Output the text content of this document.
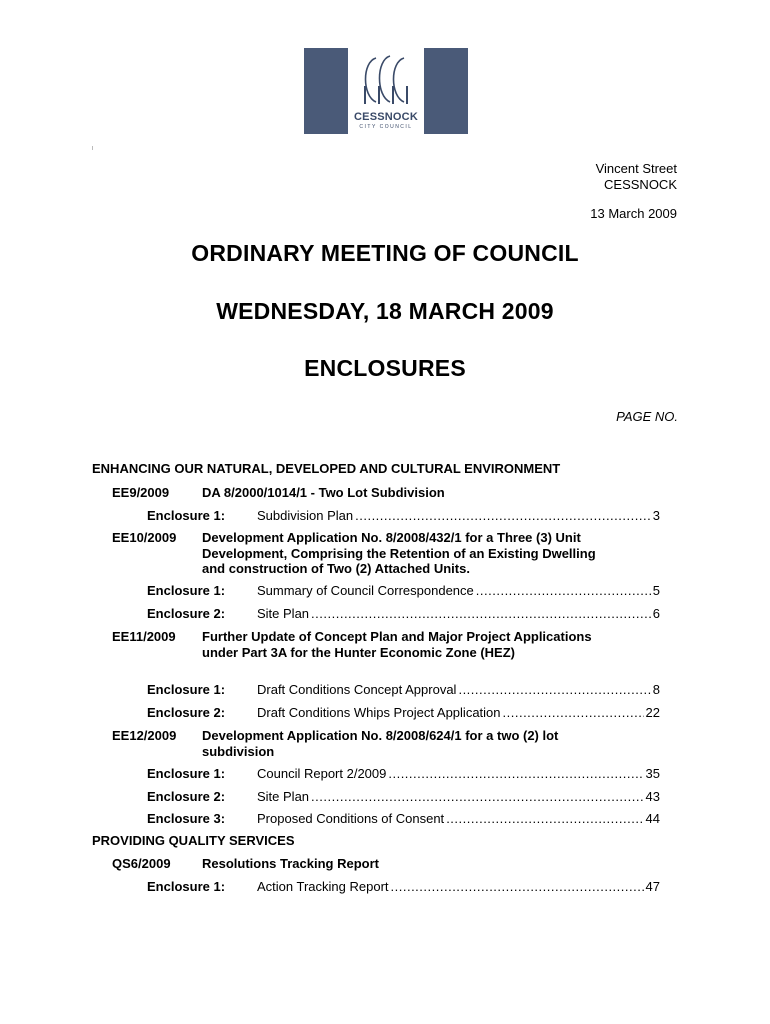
CESSNOCK
CITY COUNCIL
Vincent Street
CESSNOCK
13 March 2009
ORDINARY MEETING OF COUNCIL
WEDNESDAY, 18 MARCH 2009
ENCLOSURES
PAGE NO.
ENHANCING OUR NATURAL, DEVELOPED AND CULTURAL ENVIRONMENT
EE9/2009	DA 8/2000/1014/1 - Two Lot Subdivision
Enclosure 1: Subdivision Plan .....	3
EE10/2009 Development Application No. 8/2008/432/1 for a Three (3) Unit Development, Comprising the Retention of an Existing Dwelling and construction of Two (2) Attached Units.
Enclosure 1: Summary of Council Correspondence .....	5
Enclosure 2: Site Plan .....	6
EE11/2009 Further Update of Concept Plan and Major Project Applications under Part 3A for the Hunter Economic Zone (HEZ)
Enclosure 1: Draft Conditions Concept Approval .....	8
Enclosure 2: Draft Conditions Whips Project Application .....	22
EE12/2009 Development Application No. 8/2008/624/1 for a two (2) lot subdivision
Enclosure 1: Council Report 2/2009 .....	35
Enclosure 2: Site Plan .....	43
Enclosure 3: Proposed Conditions of Consent .....	44
PROVIDING QUALITY SERVICES
QS6/2009 Resolutions Tracking Report
Enclosure 1: Action Tracking Report .....	47
